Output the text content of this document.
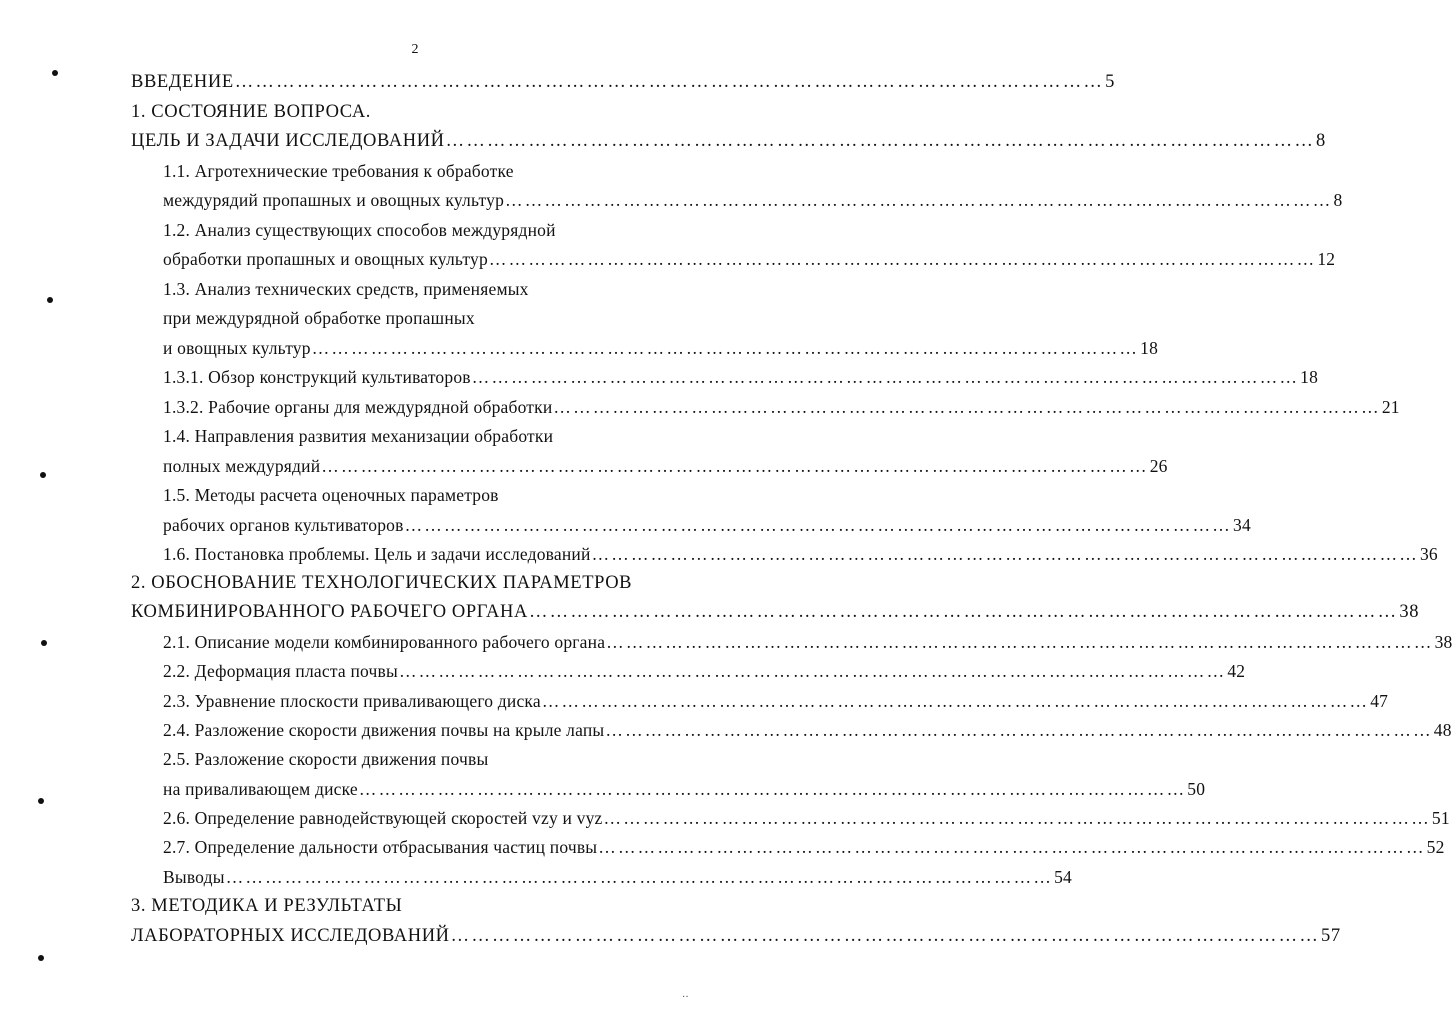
2
ВВЕДЕНИЕ ……………………………………………………………………………………………………………… 5
1. СОСТОЯНИЕ ВОПРОСА.
ЦЕЛЬ И ЗАДАЧИ ИССЛЕДОВАНИЙ ……………………………………………………………………………………………………………… 8
1.1. Агротехнические требования к обработке
междурядий пропашных и овощных культур ……………………………………………………………………………………………………………… 8
1.2. Анализ существующих способов междурядной
обработки пропашных и овощных культур ……………………………………………………………………………………………………………… 12
1.3. Анализ технических средств, применяемых
при междурядной обработке пропашных
и овощных культур ……………………………………………………………………………………………………………… 18
1.3.1. Обзор конструкций культиваторов ……………………………………………………………………………………………………………… 18
1.3.2. Рабочие органы для междурядной обработки ……………………………………………………………………………………………………………… 21
1.4. Направления развития механизации обработки
полных междурядий ……………………………………………………………………………………………………………… 26
1.5. Методы расчета оценочных параметров
рабочих органов культиваторов ……………………………………………………………………………………………………………… 34
1.6. Постановка проблемы. Цель и задачи исследований ……………………………………………………………………………………………………………… 36
2. ОБОСНОВАНИЕ ТЕХНОЛОГИЧЕСКИХ ПАРАМЕТРОВ
КОМБИНИРОВАННОГО РАБОЧЕГО ОРГАНА ……………………………………………………………………………………………………………… 38
2.1. Описание модели комбинированного рабочего органа ……………………………………………………………………………………………………………… 38
2.2. Деформация пласта почвы ……………………………………………………………………………………………………………… 42
2.3. Уравнение плоскости приваливающего диска ……………………………………………………………………………………………………………… 47
2.4. Разложение скорости движения почвы на крыле лапы ……………………………………………………………………………………………………………… 48
2.5. Разложение скорости движения почвы
на приваливающем диске ……………………………………………………………………………………………………………… 50
2.6. Определение равнодействующей скоростей vzy и vyz ……………………………………………………………………………………………………………… 51
2.7. Определение дальности отбрасывания частиц почвы ……………………………………………………………………………………………………………… 52
Выводы ……………………………………………………………………………………………………………… 54
3. МЕТОДИКА И РЕЗУЛЬТАТЫ
ЛАБОРАТОРНЫХ ИССЛЕДОВАНИЙ ……………………………………………………………………………………………………………… 57
··
